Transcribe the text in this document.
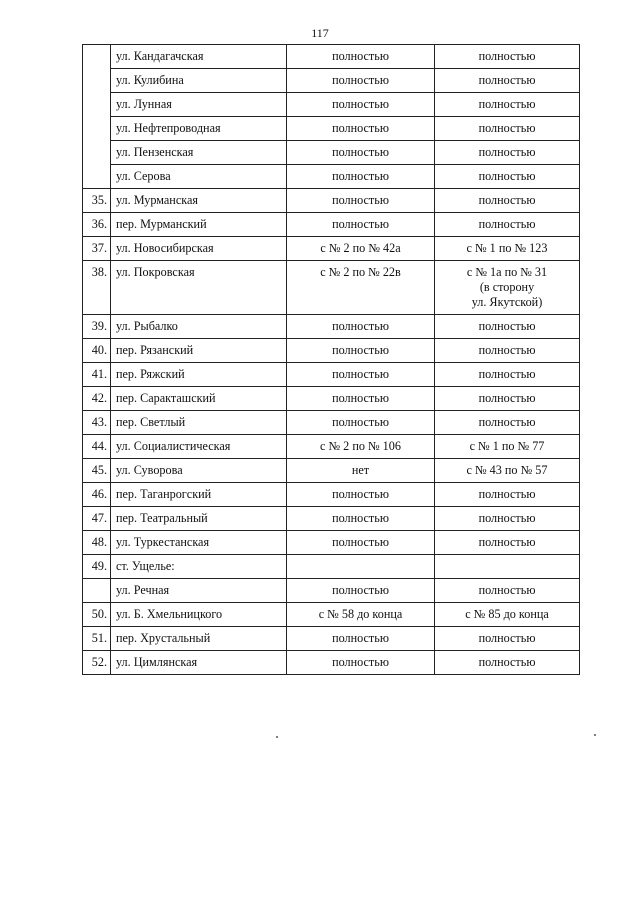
117
	ул. Кандагачская	полностью	полностью
	ул. Кулибина	полностью	полностью
	ул. Лунная	полностью	полностью
	ул. Нефтепроводная	полностью	полностью
	ул. Пензенская	полностью	полностью
	ул. Серова	полностью	полностью
35.	ул. Мурманская	полностью	полностью
36.	пер. Мурманский	полностью	полностью
37.	ул. Новосибирская	с № 2 по № 42а	с № 1 по № 123
38.	ул. Покровская	с № 2 по № 22в	с № 1а по № 31
(в сторону
ул. Якутской)
39.	ул. Рыбалко	полностью	полностью
40.	пер. Рязанский	полностью	полностью
41.	пер. Ряжский	полностью	полностью
42.	пер. Саракташский	полностью	полностью
43.	пер. Светлый	полностью	полностью
44.	ул. Социалистическая	с № 2 по № 106	с № 1 по № 77
45.	ул. Суворова	нет	с № 43 по № 57
46.	пер. Таганрогский	полностью	полностью
47.	пер. Театральный	полностью	полностью
48.	ул. Туркестанская	полностью	полностью
49.	ст. Ущелье:		
	ул. Речная	полностью	полностью
50.	ул. Б. Хмельницкого	с № 58 до конца	с № 85 до конца
51.	пер. Хрустальный	полностью	полностью
52.	ул. Цимлянская	полностью	полностью
